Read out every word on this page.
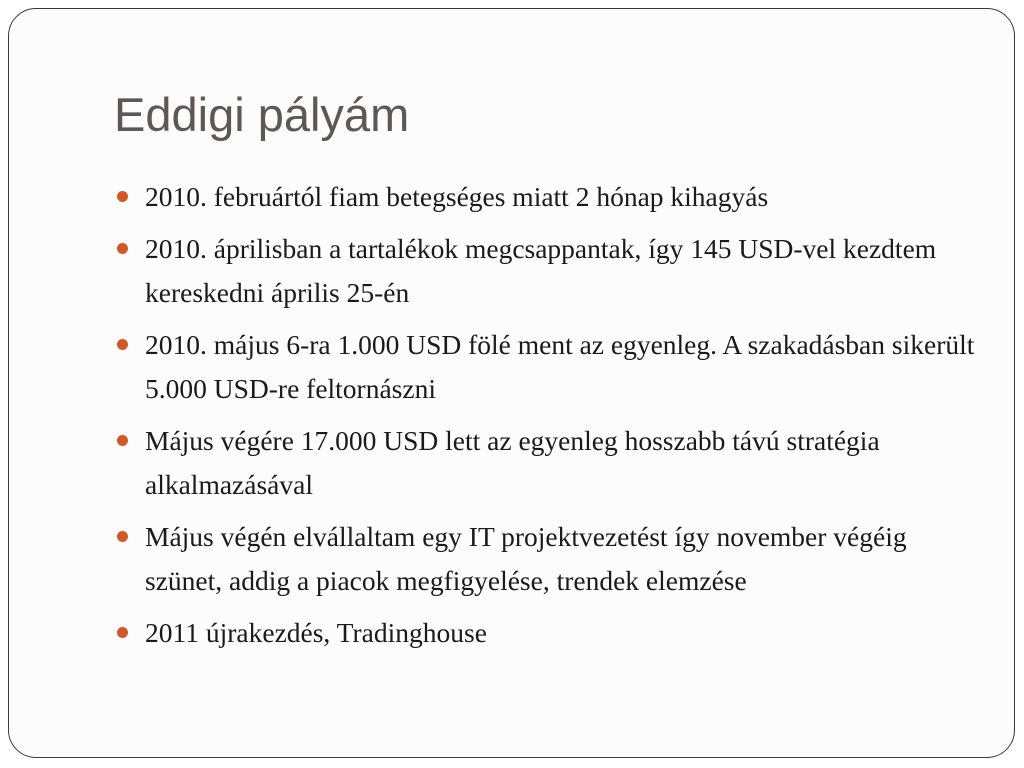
Eddigi pályám
2010. februártól fiam betegséges miatt 2 hónap kihagyás
2010. áprilisban a tartalékok megcsappantak, így 145 USD-vel kezdtem kereskedni április 25-én
2010. május 6-ra 1.000 USD fölé ment az egyenleg. A szakadásban sikerült 5.000 USD-re feltornászni
Május végére 17.000 USD lett az egyenleg hosszabb távú stratégia alkalmazásával
Május végén elvállaltam egy IT projektvezetést így november végéig szünet, addig a piacok megfigyelése, trendek elemzése
2011 újrakezdés, Tradinghouse
